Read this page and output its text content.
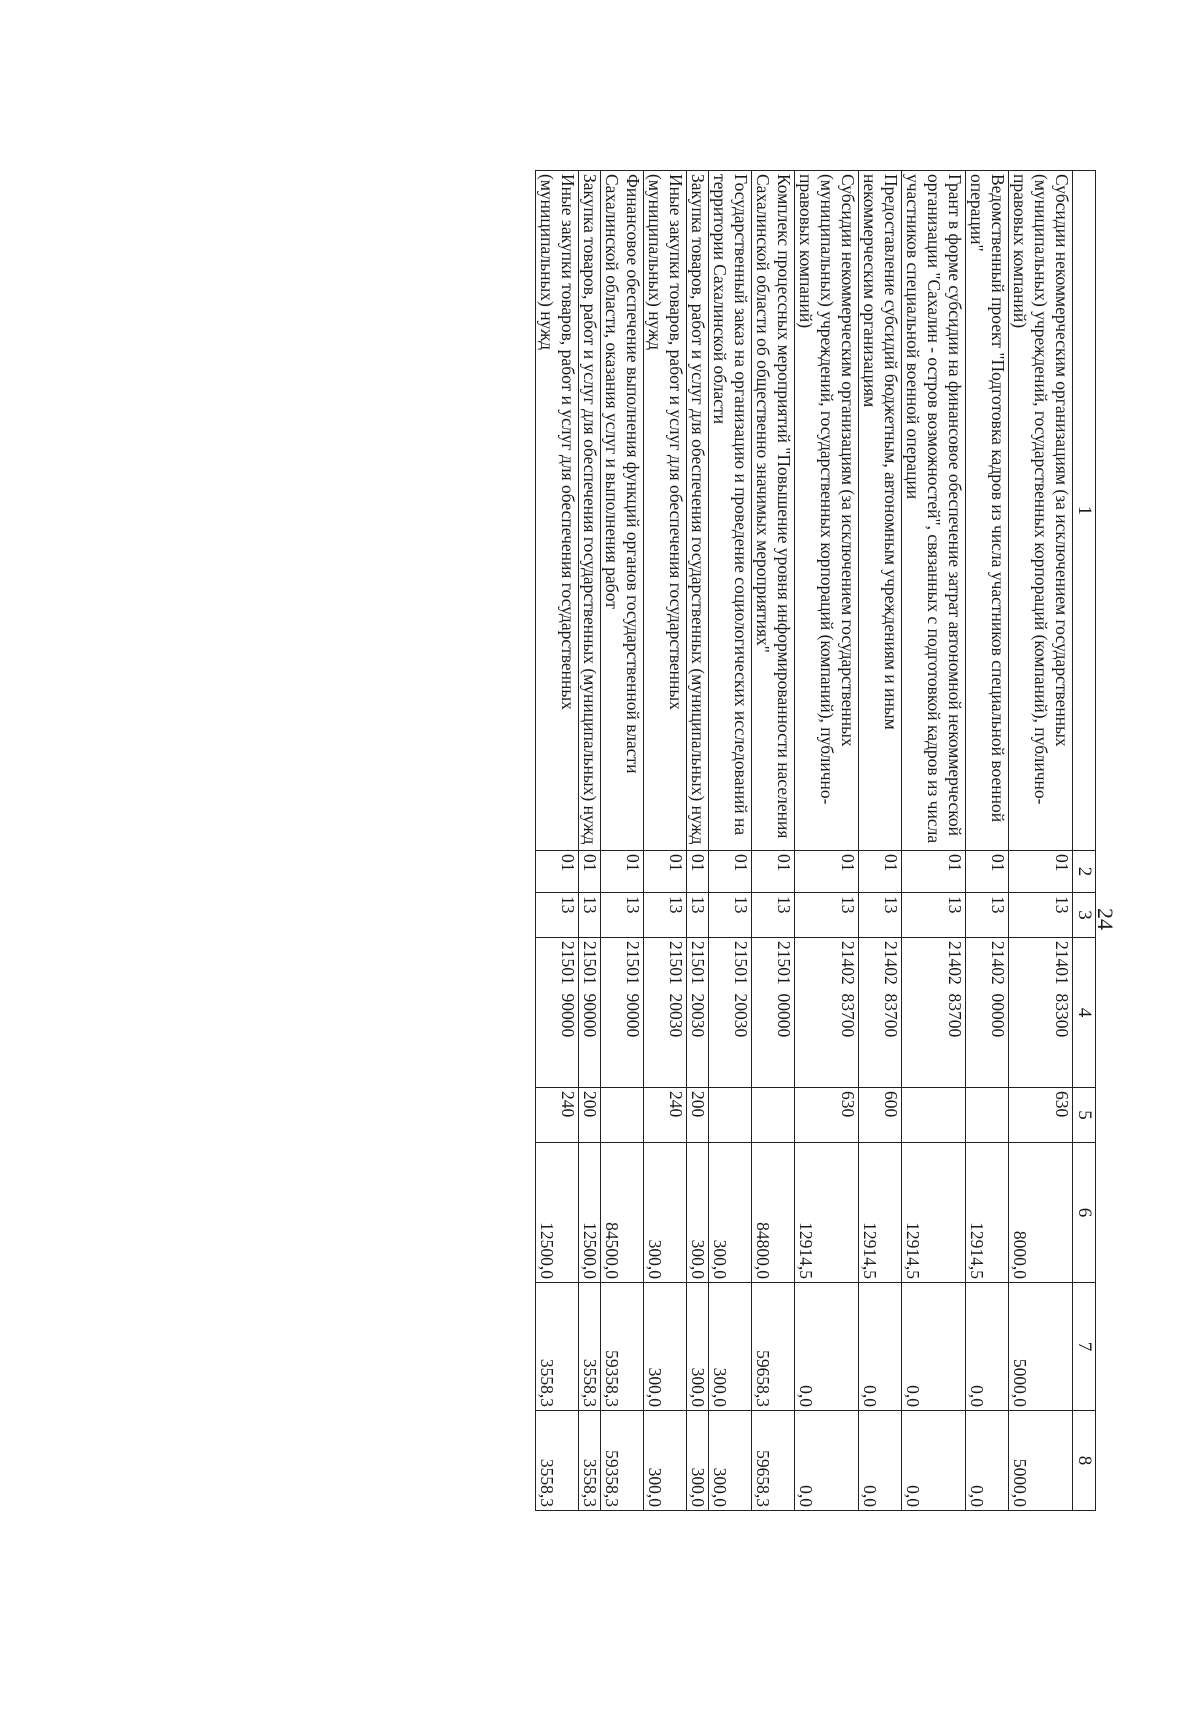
24
1	2	3	4	5	6	7	8
Субсидии некоммерческим организациям (за исключением государственных (муниципальных) учреждений, государственных корпораций (компаний), публично-правовых компаний)	01	13	21401  83300	630	8000,0	5000,0	5000,0
Ведомственный проект "Подготовка кадров из числа участников специальной военной операции"	01	13	21402  00000		12914,5	0,0	0,0
Грант в форме субсидии на финансовое обеспечение затрат автономной некоммерческой организации "Сахалин - остров возможностей", связанных с подготовкой кадров из числа участников специальной военной операции	01	13	21402  83700		12914,5	0,0	0,0
Предоставление субсидий бюджетным, автономным учреждениям и иным некоммерческим организациям	01	13	21402  83700	600	12914,5	0,0	0,0
Субсидии некоммерческим организациям (за исключением государственных (муниципальных) учреждений, государственных корпораций (компаний), публично-правовых компаний)	01	13	21402  83700	630	12914,5	0,0	0,0
Комплекс процессных мероприятий "Повышение уровня информированности населения Сахалинской области об общественно значимых мероприятиях"	01	13	21501  00000		84800,0	59658,3	59658,3
Государственный заказ на организацию и проведение социологических исследований на территории Сахалинской области	01	13	21501  20030		300,0	300,0	300,0
Закупка товаров, работ и услуг для обеспечения государственных (муниципальных) нужд	01	13	21501  20030	200	300,0	300,0	300,0
Иные закупки товаров, работ и услуг для обеспечения государственных (муниципальных) нужд	01	13	21501  20030	240	300,0	300,0	300,0
Финансовое обеспечение выполнения функций органов государственной власти Сахалинской области, оказания услуг и выполнения работ	01	13	21501  90000		84500,0	59358,3	59358,3
Закупка товаров, работ и услуг для обеспечения государственных (муниципальных) нужд	01	13	21501  90000	200	12500,0	3558,3	3558,3
Иные закупки товаров, работ и услуг для обеспечения государственных (муниципальных) нужд	01	13	21501  90000	240	12500,0	3558,3	3558,3
